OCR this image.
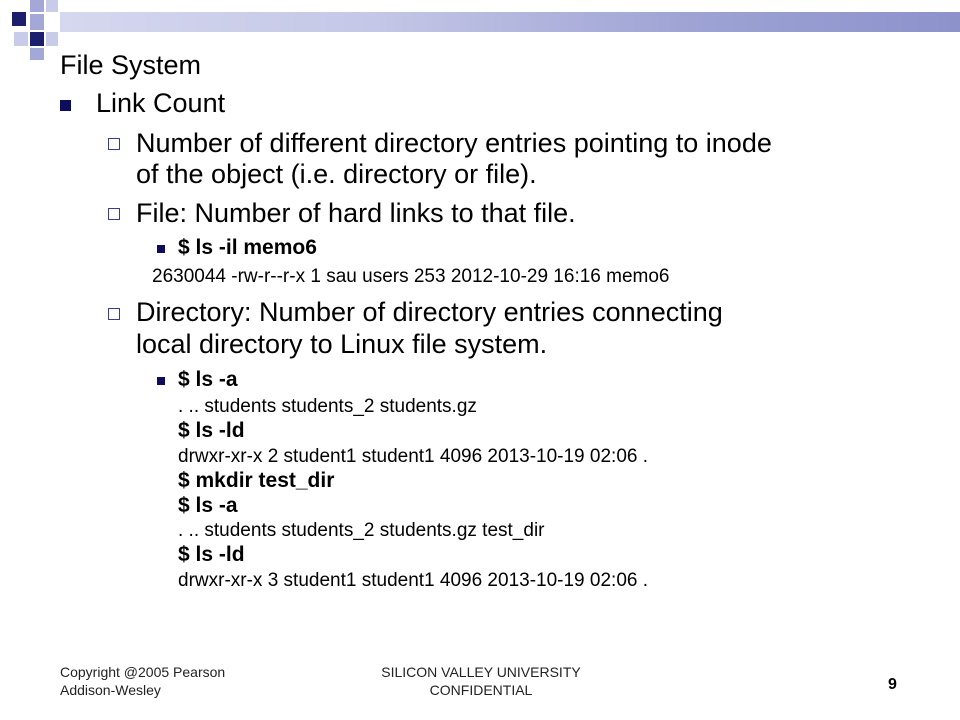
File System
Link Count
Number of different directory entries pointing to inode
of the object (i.e. directory or file).
File: Number of hard links to that file.
$ ls -il memo6
2630044 -rw-r--r-x 1 sau users 253 2012-10-29 16:16 memo6
Directory: Number of directory entries connecting
local directory to Linux file system.
$ ls -a
. .. students students_2 students.gz
$ ls -ld
drwxr-xr-x 2 student1 student1 4096 2013-10-19 02:06 .
$ mkdir test_dir
$ ls -a
. .. students students_2 students.gz test_dir
$ ls -ld
drwxr-xr-x 3 student1 student1 4096 2013-10-19 02:06 .
Copyright @2005 Pearson
Addison-Wesley
SILICON VALLEY UNIVERSITY
CONFIDENTIAL	9
